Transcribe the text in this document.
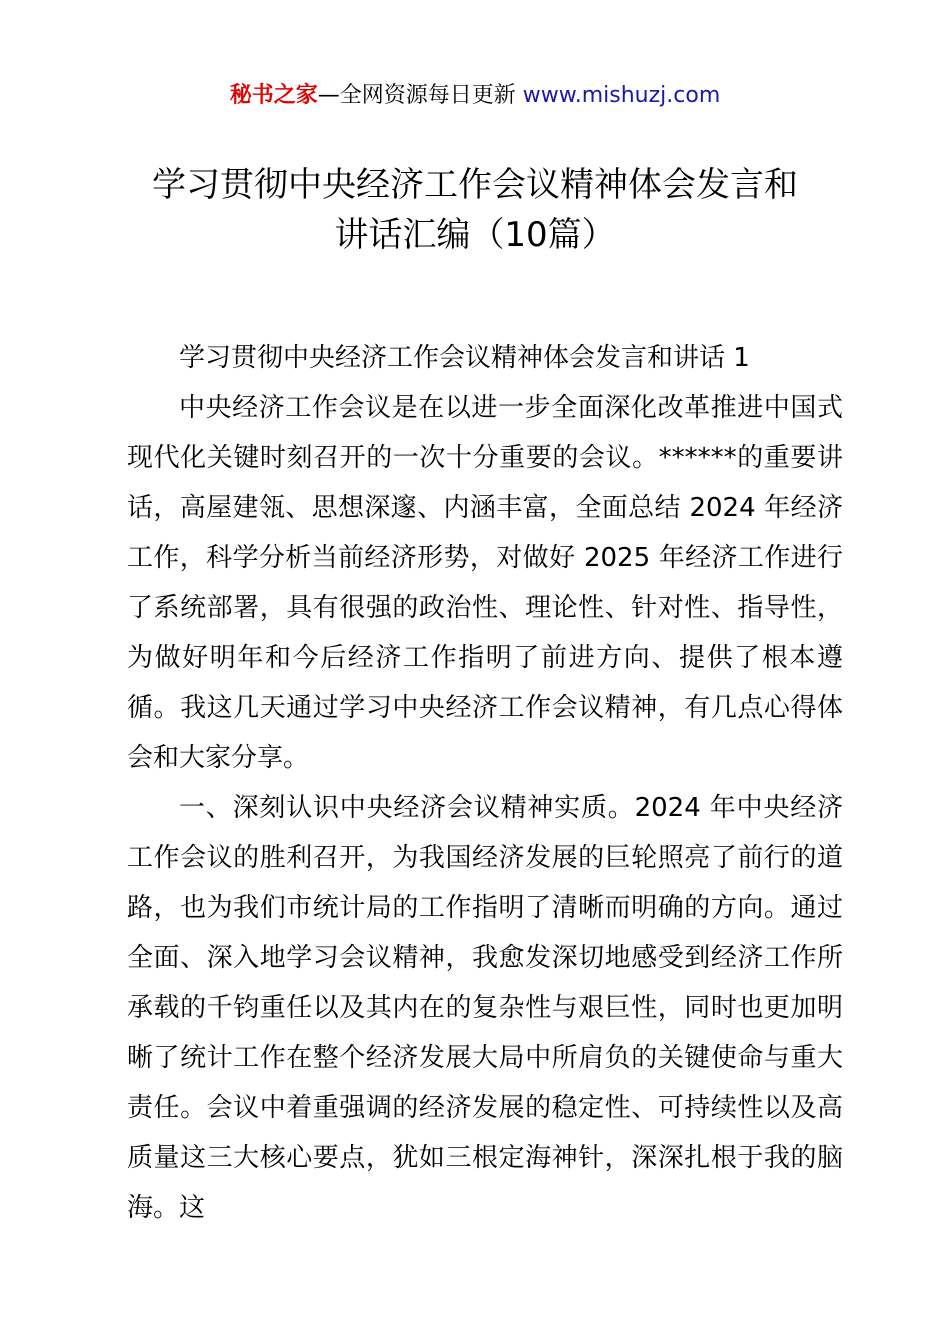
秘书之家—全网资源每日更新 www.mishuzj.com
学习贯彻中央经济工作会议精神体会发言和
讲话汇编（10篇）

学习贯彻中央经济工作会议精神体会发言和讲话 1

中央经济工作会议是在以进一步全面深化改革推进中国式现代化关键时刻召开的一次十分重要的会议。******的重要讲话，高屋建瓴、思想深邃、内涵丰富，全面总结 2024 年经济工作，科学分析当前经济形势，对做好 2025 年经济工作进行了系统部署，具有很强的政治性、理论性、针对性、指导性，为做好明年和今后经济工作指明了前进方向、提供了根本遵循。我这几天通过学习中央经济工作会议精神，有几点心得体会和大家分享。

一、深刻认识中央经济会议精神实质。2024 年中央经济工作会议的胜利召开，为我国经济发展的巨轮照亮了前行的道路，也为我们市统计局的工作指明了清晰而明确的方向。通过全面、深入地学习会议精神，我愈发深切地感受到经济工作所承载的千钧重任以及其内在的复杂性与艰巨性，同时也更加明晰了统计工作在整个经济发展大局中所肩负的关键使命与重大责任。会议中着重强调的经济发展的稳定性、可持续性以及高质量这三大核心要点，犹如三根定海神针，深深扎根于我的脑海。这
